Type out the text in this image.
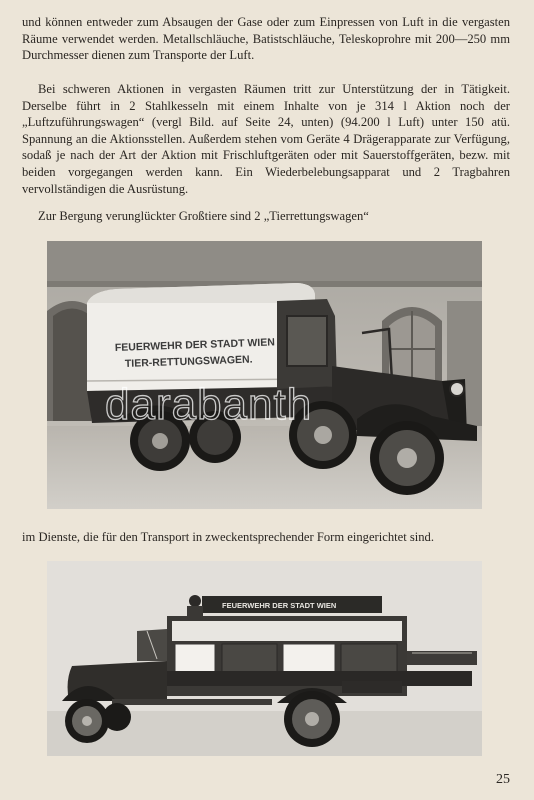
und können entweder zum Absaugen der Gase oder zum Einpressen von Luft in die vergasten Räume verwendet werden. Metallschläuche, Batistschläuche, Teleskoprohre mit 200—250 mm Durchmesser dienen zum Transporte der Luft.

Bei schweren Aktionen in vergasten Räumen tritt zur Unterstützung der in Tätigkeit. Derselbe führt in 2 Stahlkesseln mit einem Inhalte von je 314 l Aktion noch der „Luftzuführungswagen“ (vergl Bild. auf Seite 24, unten) (94.200 l Luft) unter 150 atü. Spannung an die Aktionsstellen. Außerdem stehen vom Geräte 4 Drägerapparate zur Verfügung, sodaß je nach der Art der Aktion mit Frischluftgeräten oder mit Sauerstoffgeräten, bezw. mit beiden vorgegangen werden kann. Ein Wiederbelebungsapparat und 2 Tragbahren vervollständigen die Ausrüstung.

Zur Bergung verunglückter Großtiere sind 2 „Tierrettungswagen“

FEUERWEHR DER STADT WIEN
TIER-RETTUNGSWAGEN.
darabanth
im Dienste, die für den Transport in zweckentsprechender Form eingerichtet sind.
FEUERWEHR DER STADT WIEN
25
